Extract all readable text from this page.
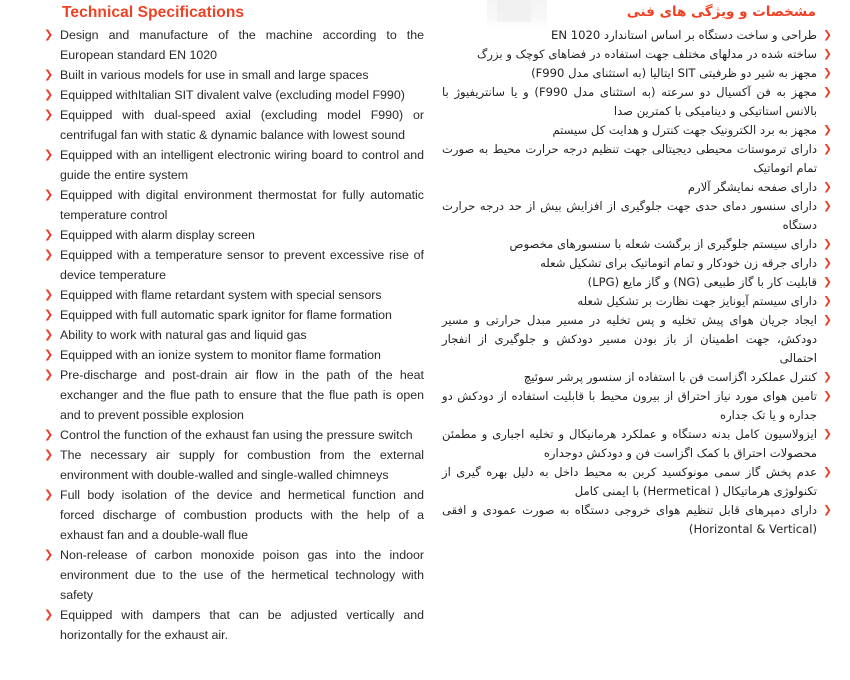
Technical Specifications
❯ Design and manufacture of the machine according to the European standard EN 1020
❯ Built in various models for use in small and large spaces
❯ Equipped withItalian SIT divalent valve (excluding model F990)
❯ Equipped with dual-speed axial (excluding model F990) or centrifugal fan with static & dynamic balance with lowest sound
❯ Equipped with an intelligent electronic wiring board to control and guide the entire system
❯ Equipped with digital environment thermostat for fully automatic temperature control
❯ Equipped with alarm display screen
❯ Equipped with a temperature sensor to prevent excessive rise of device temperature
❯ Equipped with flame retardant system with special sensors
❯ Equipped with full automatic spark ignitor for flame formation
❯ Ability to work with natural gas and liquid gas
❯ Equipped with an ionize system to monitor flame formation
❯ Pre-discharge and post-drain air flow in the path of the heat exchanger and the flue path to ensure that the flue path is open and to prevent possible explosion
❯ Control the function of the exhaust fan using the pressure switch
❯ The necessary air supply for combustion from the external environment with double-walled and single-walled chimneys
❯ Full body isolation of the device and hermetical function and forced discharge of combustion products with the help of a exhaust fan and a double-wall flue
❯ Non-release of carbon monoxide poison gas into the indoor environment due to the use of the hermetical technology with safety
❯ Equipped with dampers that can be adjusted vertically and horizontally for the exhaust air.
مشخصات و ویژگی های فنی
❯
طراحی و ساخت دستگاه بر اساس استاندارد EN 1020
❯
ساخته شده در مدلهای مختلف جهت استفاده در فضاهای کوچک و بزرگ
❯
مجهز به شیر دو ظرفیتی SIT ایتالیا (به استثنای مدل F990)
❯
مجهز به فن آکسیال دو سرعته (به استثنای مدل F990) و یا سانتریفیوژ با بالانس استاتیکی و دینامیکی با کمترین صدا
❯
مجهز به برد الکترونیک جهت کنترل و هدایت کل سیستم
❯
دارای ترموستات محیطی دیجیتالی جهت تنظیم درجه حرارت محیط به صورت تمام اتوماتیک
❯
دارای صفحه نمایشگر آلارم
❯
دارای سنسور دمای حدی جهت جلوگیری از افزایش بیش از حد درجه حرارت دستگاه
❯
دارای سیستم جلوگیری از برگشت شعله با سنسورهای مخصوص
❯
دارای جرقه زن خودکار و تمام اتوماتیک برای تشکیل شعله
❯
قابلیت کار با گاز طبیعی (NG) و گاز مایع (LPG)
❯
دارای سیستم آیونایز جهت نظارت بر تشکیل شعله
❯
ایجاد جریان هوای پیش تخلیه و پس تخلیه در مسیر مبدل حرارتی و مسیر دودکش، جهت اطمینان از باز بودن مسیر دودکش و جلوگیری از انفجار احتمالی
❯
کنترل عملکرد اگزاست فن با استفاده از سنسور پرشر سوئیچ
❯
تامین هوای مورد نیاز احتراق از بیرون محیط با قابلیت استفاده از دودکش دو جداره و یا تک جداره
❯
ایزولاسیون کامل بدنه دستگاه و عملکرد هرمانیکال و تخلیه اجباری و مطمئن محصولات احتراق با کمک اگزاست فن و دودکش دوجداره
❯
عدم پخش گاز سمی مونوکسید کربن به محیط داخل به دلیل بهره گیری از تکنولوژی هرماتیکال ( Hermetical) با ایمنی کامل
❯
دارای دمپرهای قابل تنظیم هوای خروجی دستگاه به صورت عمودی و افقی (Horizontal & Vertical)
